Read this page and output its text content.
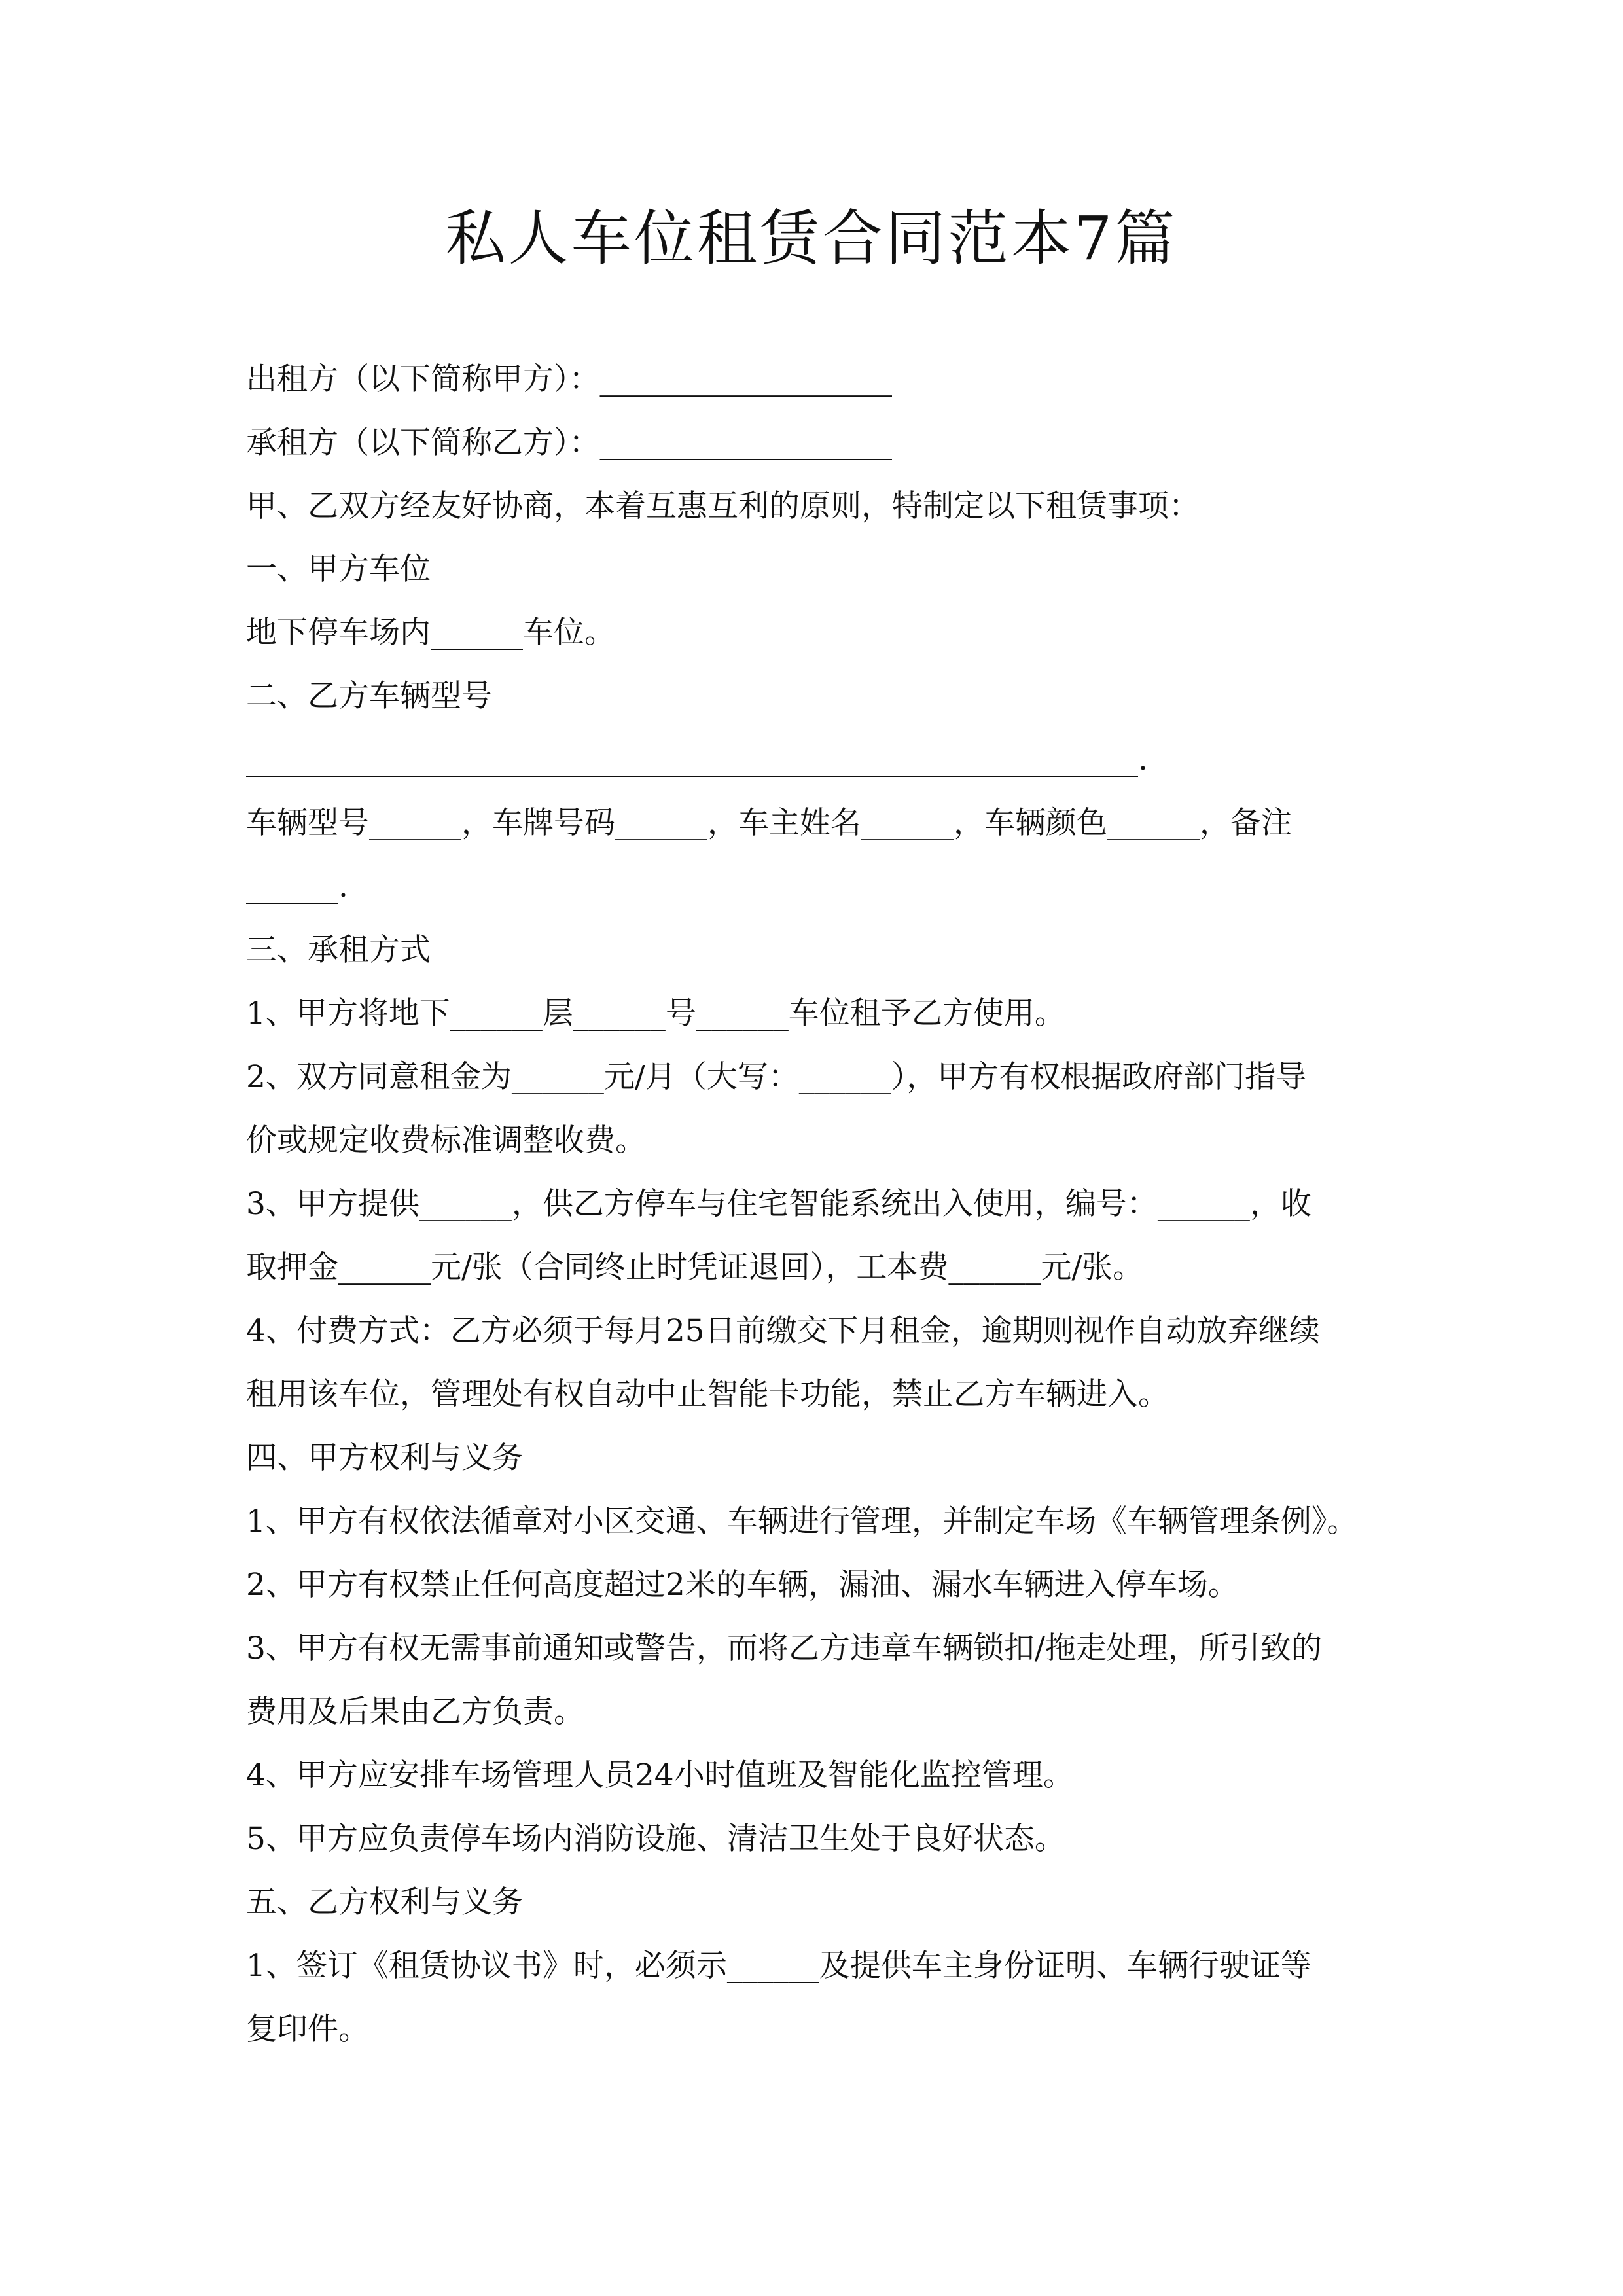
私人车位租赁合同范本7篇
出租方（以下简称甲方）：___________________
承租方（以下简称乙方）：___________________
甲、乙双方经友好协商，本着互惠互利的原则，特制定以下租赁事项：
一、甲方车位
地下停车场内______车位。
二、乙方车辆型号
__________________________________________________________.
车辆型号______，车牌号码______，车主姓名______，车辆颜色______，备注
______.
三、承租方式
1、甲方将地下______层______号______车位租予乙方使用。
2、双方同意租金为______元/月（大写：______），甲方有权根据政府部门指导
价或规定收费标准调整收费。
3、甲方提供______，供乙方停车与住宅智能系统出入使用，编号：______，收
取押金______元/张（合同终止时凭证退回），工本费______元/张。
4、付费方式：乙方必须于每月25日前缴交下月租金，逾期则视作自动放弃继续
租用该车位，管理处有权自动中止智能卡功能，禁止乙方车辆进入。
四、甲方权利与义务
1、甲方有权依法循章对小区交通、车辆进行管理，并制定车场《车辆管理条例》。
2、甲方有权禁止任何高度超过2米的车辆，漏油、漏水车辆进入停车场。
3、甲方有权无需事前通知或警告，而将乙方违章车辆锁扣/拖走处理，所引致的
费用及后果由乙方负责。
4、甲方应安排车场管理人员24小时值班及智能化监控管理。
5、甲方应负责停车场内消防设施、清洁卫生处于良好状态。
五、乙方权利与义务
1、签订《租赁协议书》时，必须示______及提供车主身份证明、车辆行驶证等
复印件。
